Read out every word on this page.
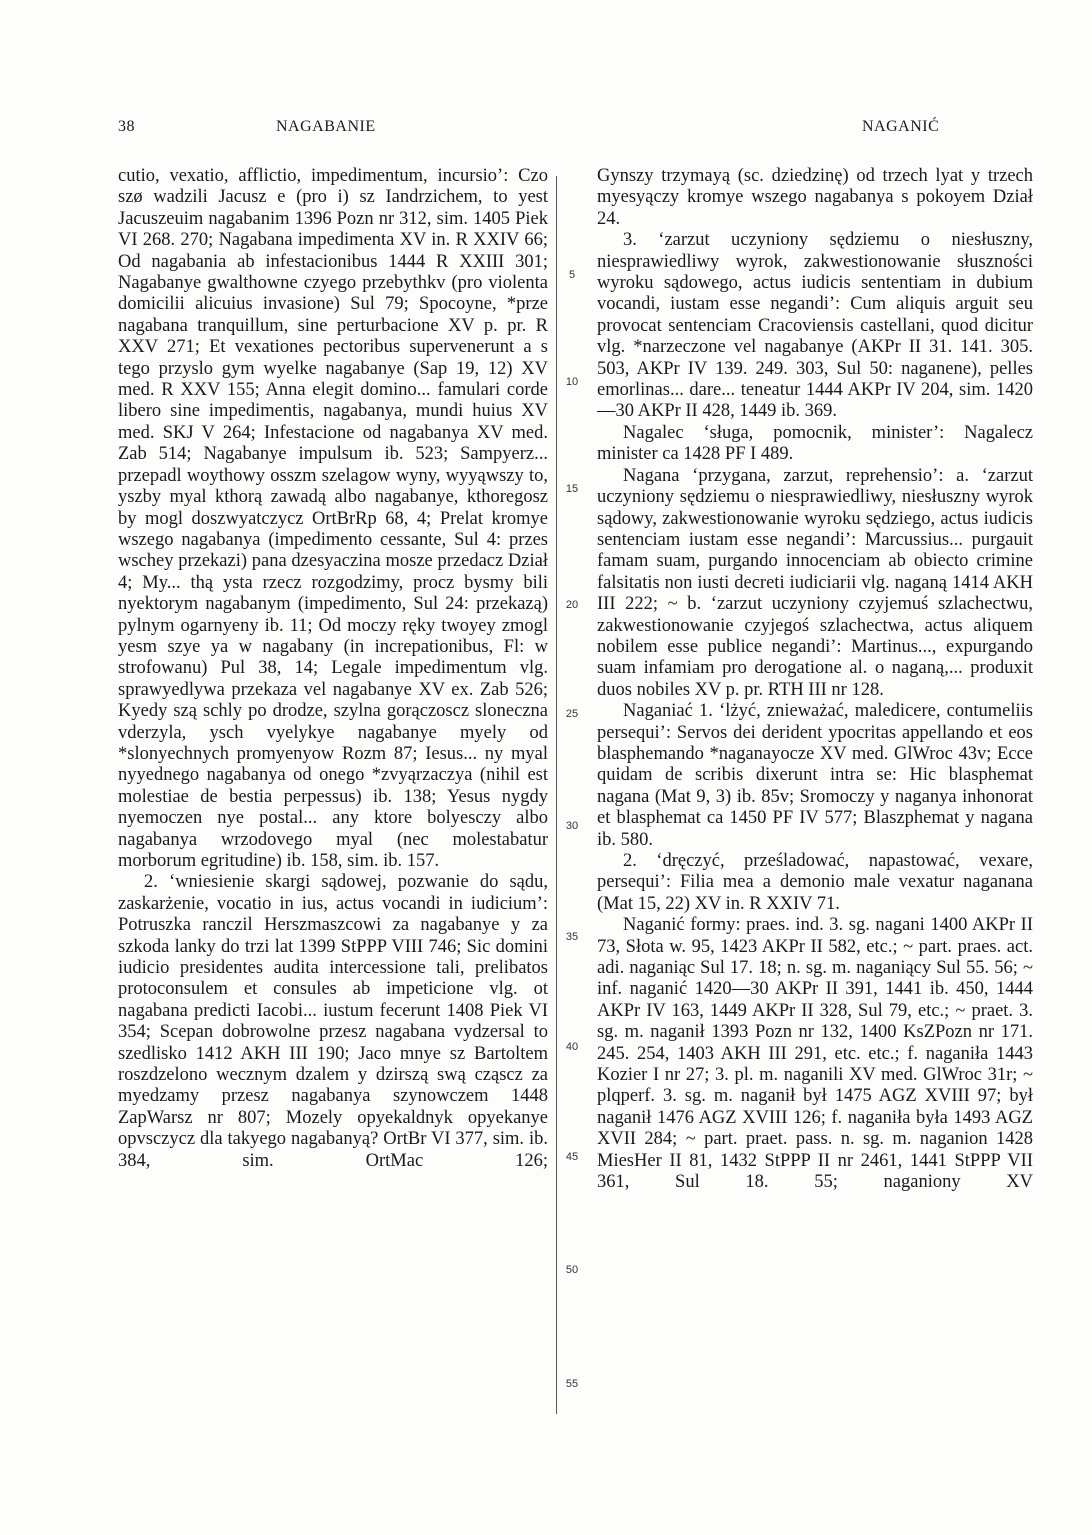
38	NAGABANIE	NAGANIĆ

cutio, vexatio, afflictio, impedimentum, incursio’: Czo szø wadzili Jacusz e (pro i) sz Iandrzichem, to yest Jacuszeuim nagabanim 1396 Pozn nr 312, sim. 1405 Piek VI 268. 270; Nagabana impedimenta XV in. R XXIV 66; Od nagabania ab infestacionibus 1444 R XXIII 301; Nagabanye gwalthowne czyego przebythkv (pro violenta domicilii alicuius invasione) Sul 79; Spocoyne, *prze nagabana tranquillum, sine perturbacione XV p. pr. R XXV 271; Et vexationes pectoribus supervenerunt a s tego przyslo gym wyelke nagabanye (Sap 19, 12) XV med. R XXV 155; Anna elegit domino... famulari corde libero sine impedimentis, nagabanya, mundi huius XV med. SKJ V 264; Infestacione od nagabanya XV med. Zab 514; Nagabanye impulsum ib. 523; Sampyerz... przepadl woythowy osszm szelagow wyny, wyyąwszy to, yszby myal kthorą zawadą albo nagabanye, kthoregosz by mogl doszwyatczycz OrtBrRp 68, 4; Prelat kromye wszego nagabanya (impedimento cessante, Sul 4: przes wschey przekazi) pana dzesyaczina mosze przedacz Dział 4; My... thą ysta rzecz rozgodzimy, procz bysmy bili nyektorym nagabanym (impedimento, Sul 24: przekazą) pylnym ogarnyeny ib. 11; Od moczy ręky twoyey zmogl yesm szye ya w nagabany (in increpationibus, Fl: w strofowanu) Pul 38, 14; Legale impedimentum vlg. sprawyedlywa przekaza vel nagabanye XV ex. Zab 526; Kyedy szą schly po drodze, szylna gorączoscz sloneczna vderzyla, ysch vyelykye nagabanye myely od *slonyechnych promyenyow Rozm 87; Iesus... ny myal nyyednego nagabanya od onego *zvyąrzaczya (nihil est molestiae de bestia perpessus) ib. 138; Yesus nygdy nyemoczen nye postal... any ktore bolyesczy albo nagabanya wrzodovego myal (nec molestabatur morborum egritudine) ib. 158, sim. ib. 157.

2. ‘wniesienie skargi sądowej, pozwanie do sądu, zaskarżenie, vocatio in ius, actus vocandi in iudicium’: Potruszka ranczil Herszmaszcowi za nagabanye y za szkoda lanky do trzi lat 1399 StPPP VIII 746; Sic domini iudicio presidentes audita intercessione tali, prelibatos protoconsulem et consules ab impeticione vlg. ot nagabana predicti Iacobi... iustum fecerunt 1408 Piek VI 354; Scepan dobrowolne przesz nagabana vydzersal to szedlisko 1412 AKH III 190; Jaco mnye sz Bartoltem roszdzelono wecznym dzalem y dzirszą swą cząscz za myedzamy przesz nagabanya szynowczem 1448 ZapWarsz nr 807; Mozely opyekaldnyk opyekanye opvsczycz dla takyego nagabanyą? OrtBr VI 377, sim. ib. 384, sim. OrtMac 126;

5
10
15
20
25
30
35
40
45
50
55

Gynszy trzymayą (sc. dziedzinę) od trzech lyat y trzech myesyączy kromye wszego nagabanya s pokoyem Dział 24.

3. ‘zarzut uczyniony sędziemu o niesłuszny, niesprawiedliwy wyrok, zakwestionowanie słuszności wyroku sądowego, actus iudicis sententiam in dubium vocandi, iustam esse negandi’: Cum aliquis arguit seu provocat sentenciam Cracoviensis castellani, quod dicitur vlg. *narzeczone vel nagabanye (AKPr II 31. 141. 305. 503, AKPr IV 139. 249. 303, Sul 50: naganene), pelles emorlinas... dare... teneatur 1444 AKPr IV 204, sim. 1420—30 AKPr II 428, 1449 ib. 369.

Nagalec ‘sługa, pomocnik, minister’: Nagalecz minister ca 1428 PF I 489.

Nagana ‘przygana, zarzut, reprehensio’: a. ‘zarzut uczyniony sędziemu o niesprawiedliwy, niesłuszny wyrok sądowy, zakwestionowanie wyroku sędziego, actus iudicis sentenciam iustam esse negandi’: Marcussius... purgauit famam suam, purgando innocenciam ab obiecto crimine falsitatis non iusti decreti iudiciarii vlg. naganą 1414 AKH III 222; ~ b. ‘zarzut uczyniony czyjemuś szlachectwu, zakwestionowanie czyjegoś szlachectwa, actus aliquem nobilem esse publice negandi’: Martinus..., expurgando suam infamiam pro derogatione al. o naganą,... produxit duos nobiles XV p. pr. RTH III nr 128.

Naganiać 1. ‘lżyć, znieważać, maledicere, contumeliis persequi’: Servos dei derident ypocritas appellando et eos blasphemando *naganayocze XV med. GlWroc 43v; Ecce quidam de scribis dixerunt intra se: Hic blasphemat nagana (Mat 9, 3) ib. 85v; Sromoczy y naganya inhonorat et blasphemat ca 1450 PF IV 577; Blaszphemat y nagana ib. 580.

2. ‘dręczyć, prześladować, napastować, vexare, persequi’: Filia mea a demonio male vexatur naganana (Mat 15, 22) XV in. R XXIV 71.

Naganić formy: praes. ind. 3. sg. nagani 1400 AKPr II 73, Słota w. 95, 1423 AKPr II 582, etc.; ~ part. praes. act. adi. naganiąc Sul 17. 18; n. sg. m. naganiący Sul 55. 56; ~ inf. naganić 1420—30 AKPr II 391, 1441 ib. 450, 1444 AKPr IV 163, 1449 AKPr II 328, Sul 79, etc.; ~ praet. 3. sg. m. naganił 1393 Pozn nr 132, 1400 KsZPozn nr 171. 245. 254, 1403 AKH III 291, etc. etc.; f. naganiła 1443 Kozier I nr 27; 3. pl. m. naganili XV med. GlWroc 31r; ~ plqperf. 3. sg. m. naganił był 1475 AGZ XVIII 97; był naganił 1476 AGZ XVIII 126; f. naganiła była 1493 AGZ XVII 284; ~ part. praet. pass. n. sg. m. naganion 1428 MiesHer II 81, 1432 StPPP II nr 2461, 1441 StPPP VII 361, Sul 18. 55; naganiony XV
